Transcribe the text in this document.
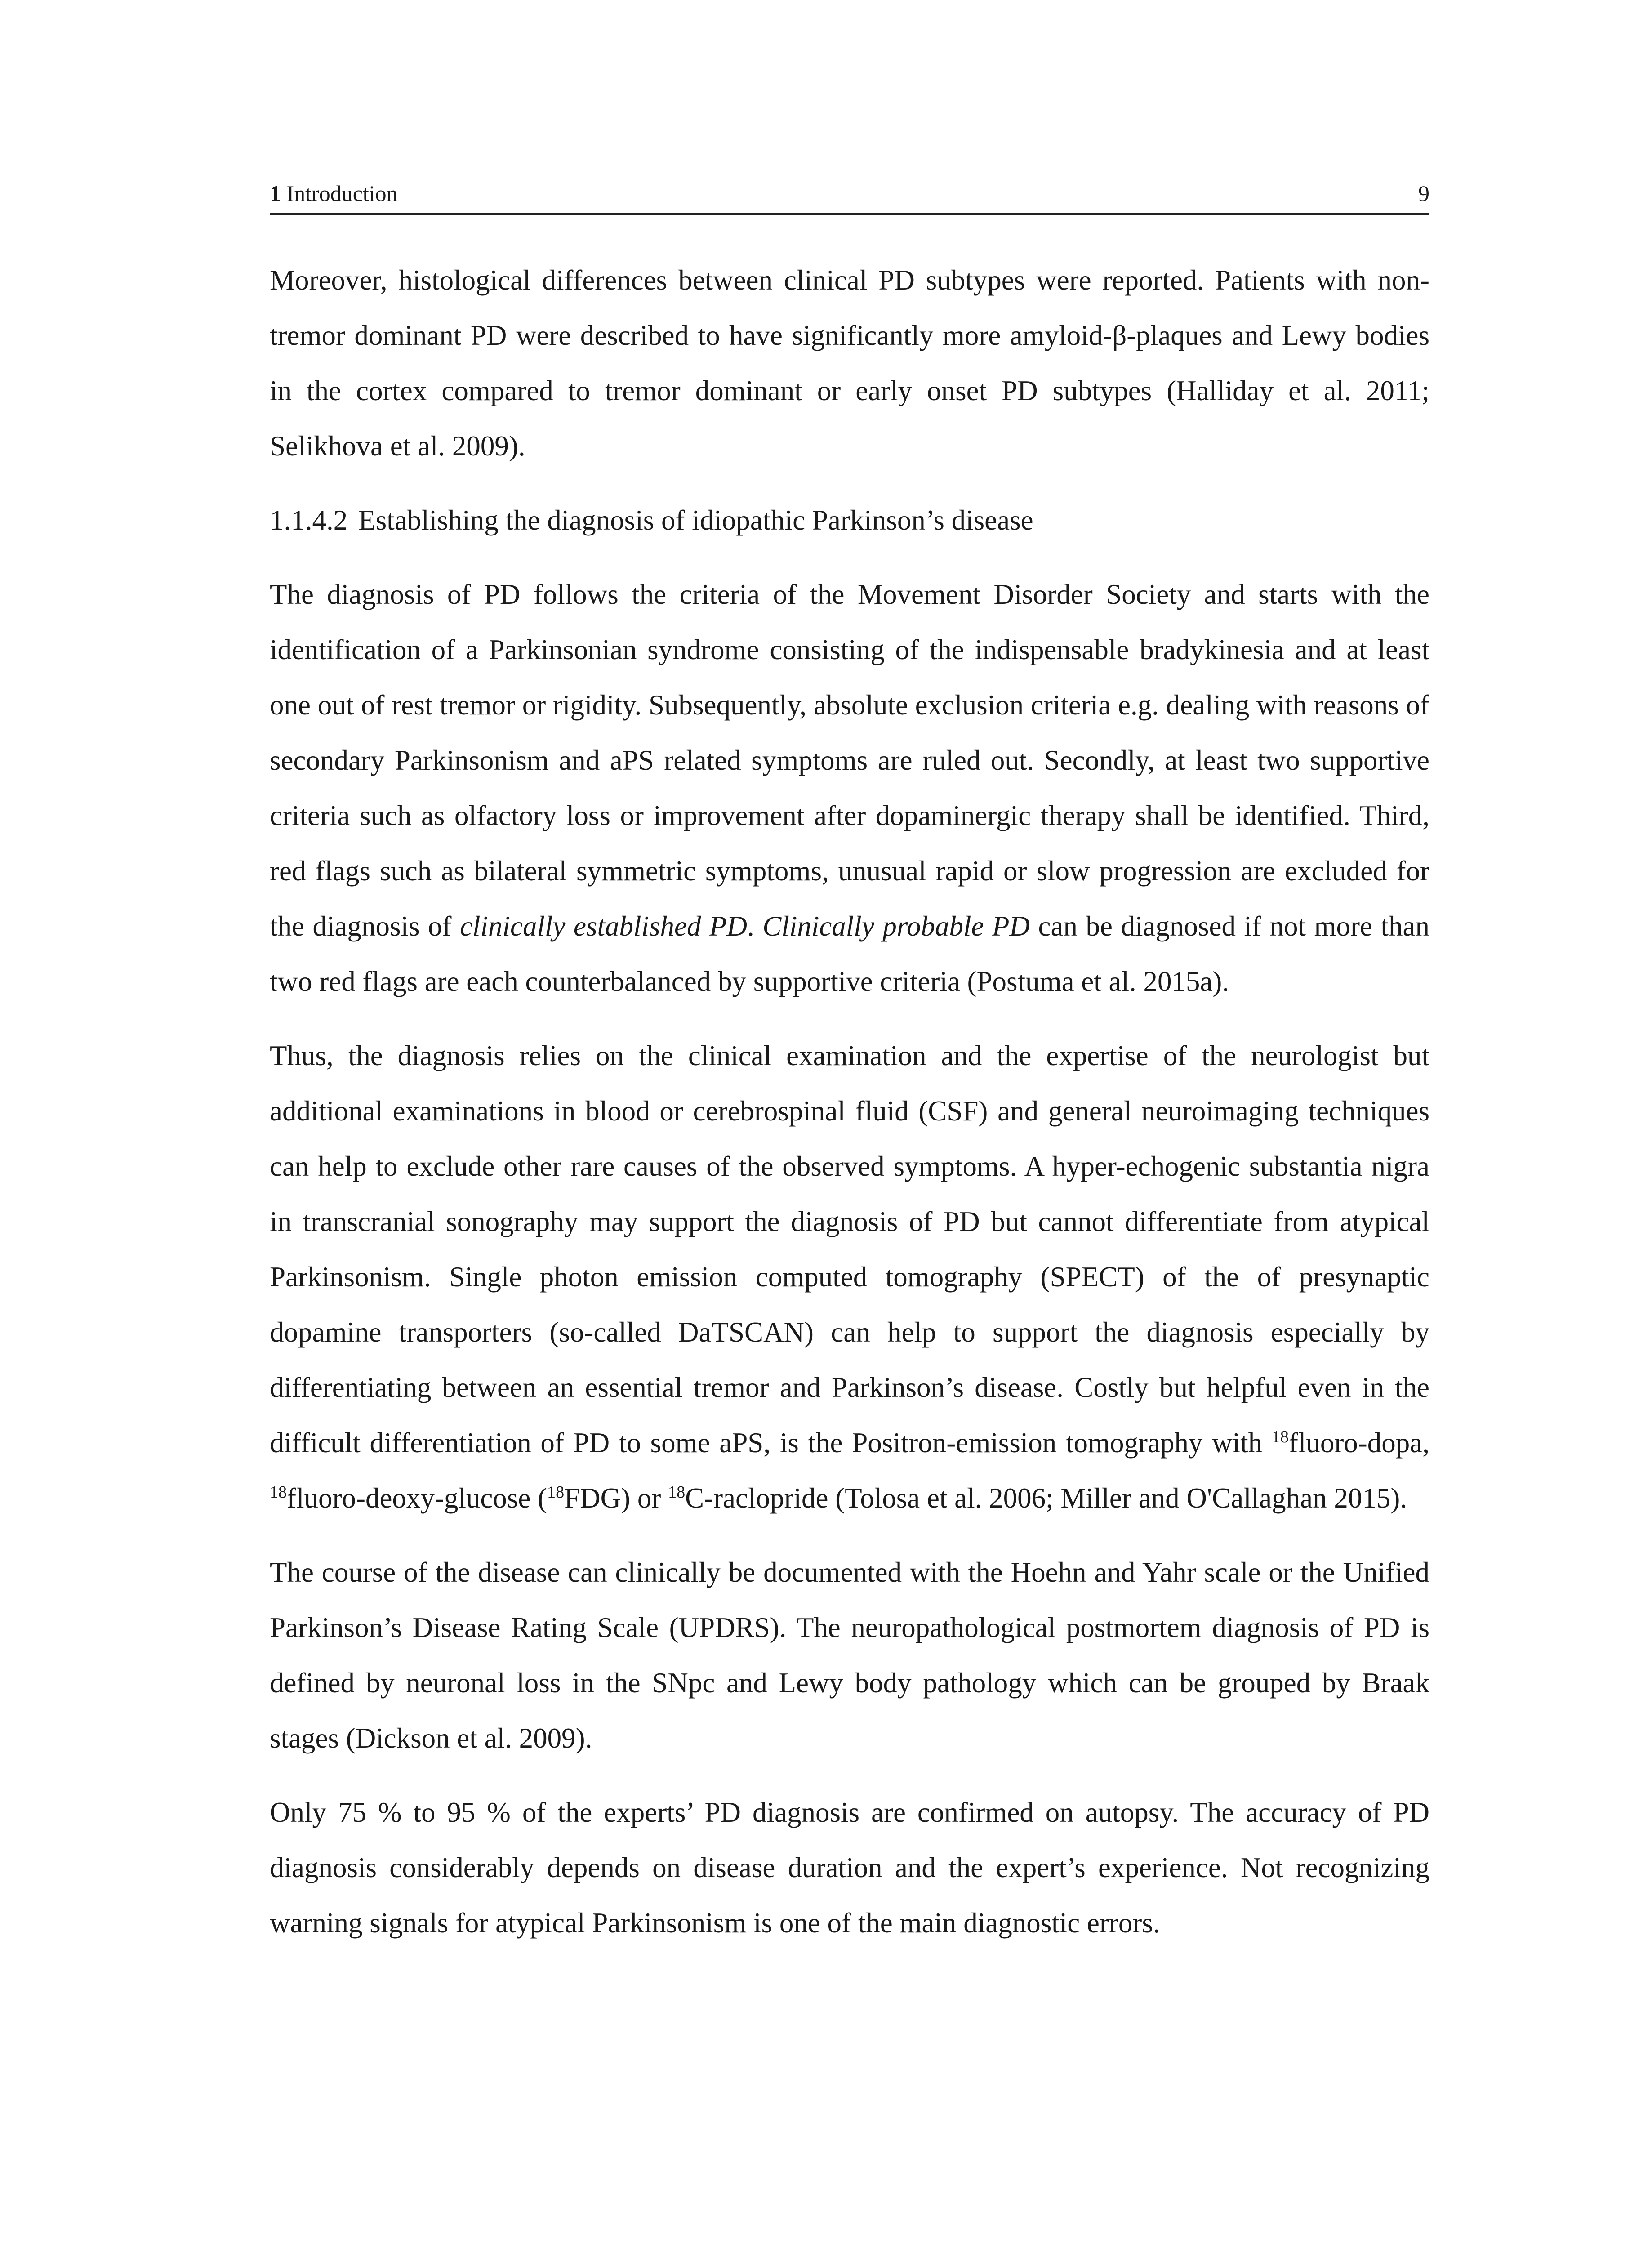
1 Introduction	9

Moreover, histological differences between clinical PD subtypes were reported. Patients with non-tremor dominant PD were described to have significantly more amyloid-β-plaques and Lewy bodies in the cortex compared to tremor dominant or early onset PD subtypes (Halliday et al. 2011; Selikhova et al. 2009).

1.1.4.2 Establishing the diagnosis of idiopathic Parkinson’s disease

The diagnosis of PD follows the criteria of the Movement Disorder Society and starts with the identification of a Parkinsonian syndrome consisting of the indispensable bradykinesia and at least one out of rest tremor or rigidity. Subsequently, absolute exclusion criteria e.g. dealing with reasons of secondary Parkinsonism and aPS related symptoms are ruled out. Secondly, at least two supportive criteria such as olfactory loss or improvement after dopaminergic therapy shall be identified. Third, red flags such as bilateral symmetric symptoms, unusual rapid or slow progression are excluded for the diagnosis of clinically established PD. Clinically probable PD can be diagnosed if not more than two red flags are each counterbalanced by supportive criteria (Postuma et al. 2015a).

Thus, the diagnosis relies on the clinical examination and the expertise of the neurologist but additional examinations in blood or cerebrospinal fluid (CSF) and general neuroimaging techniques can help to exclude other rare causes of the observed symptoms. A hyper-echogenic substantia nigra in transcranial sonography may support the diagnosis of PD but cannot differentiate from atypical Parkinsonism. Single photon emission computed tomography (SPECT) of the of presynaptic dopamine transporters (so-called DaTSCAN) can help to support the diagnosis especially by differentiating between an essential tremor and Parkinson’s disease. Costly but helpful even in the difficult differentiation of PD to some aPS, is the Positron-emission tomography with $^{18}$fluoro-dopa, $^{18}$fluoro-deoxy-glucose ($^{18}$FDG) or $^{18}$C-raclopride (Tolosa et al. 2006; Miller and O'Callaghan 2015).

The course of the disease can clinically be documented with the Hoehn and Yahr scale or the Unified Parkinson’s Disease Rating Scale (UPDRS). The neuropathological postmortem diagnosis of PD is defined by neuronal loss in the SNpc and Lewy body pathology which can be grouped by Braak stages (Dickson et al. 2009).

Only 75 % to 95 % of the experts’ PD diagnosis are confirmed on autopsy. The accuracy of PD diagnosis considerably depends on disease duration and the expert’s experience. Not recognizing warning signals for atypical Parkinsonism is one of the main diagnostic errors.
